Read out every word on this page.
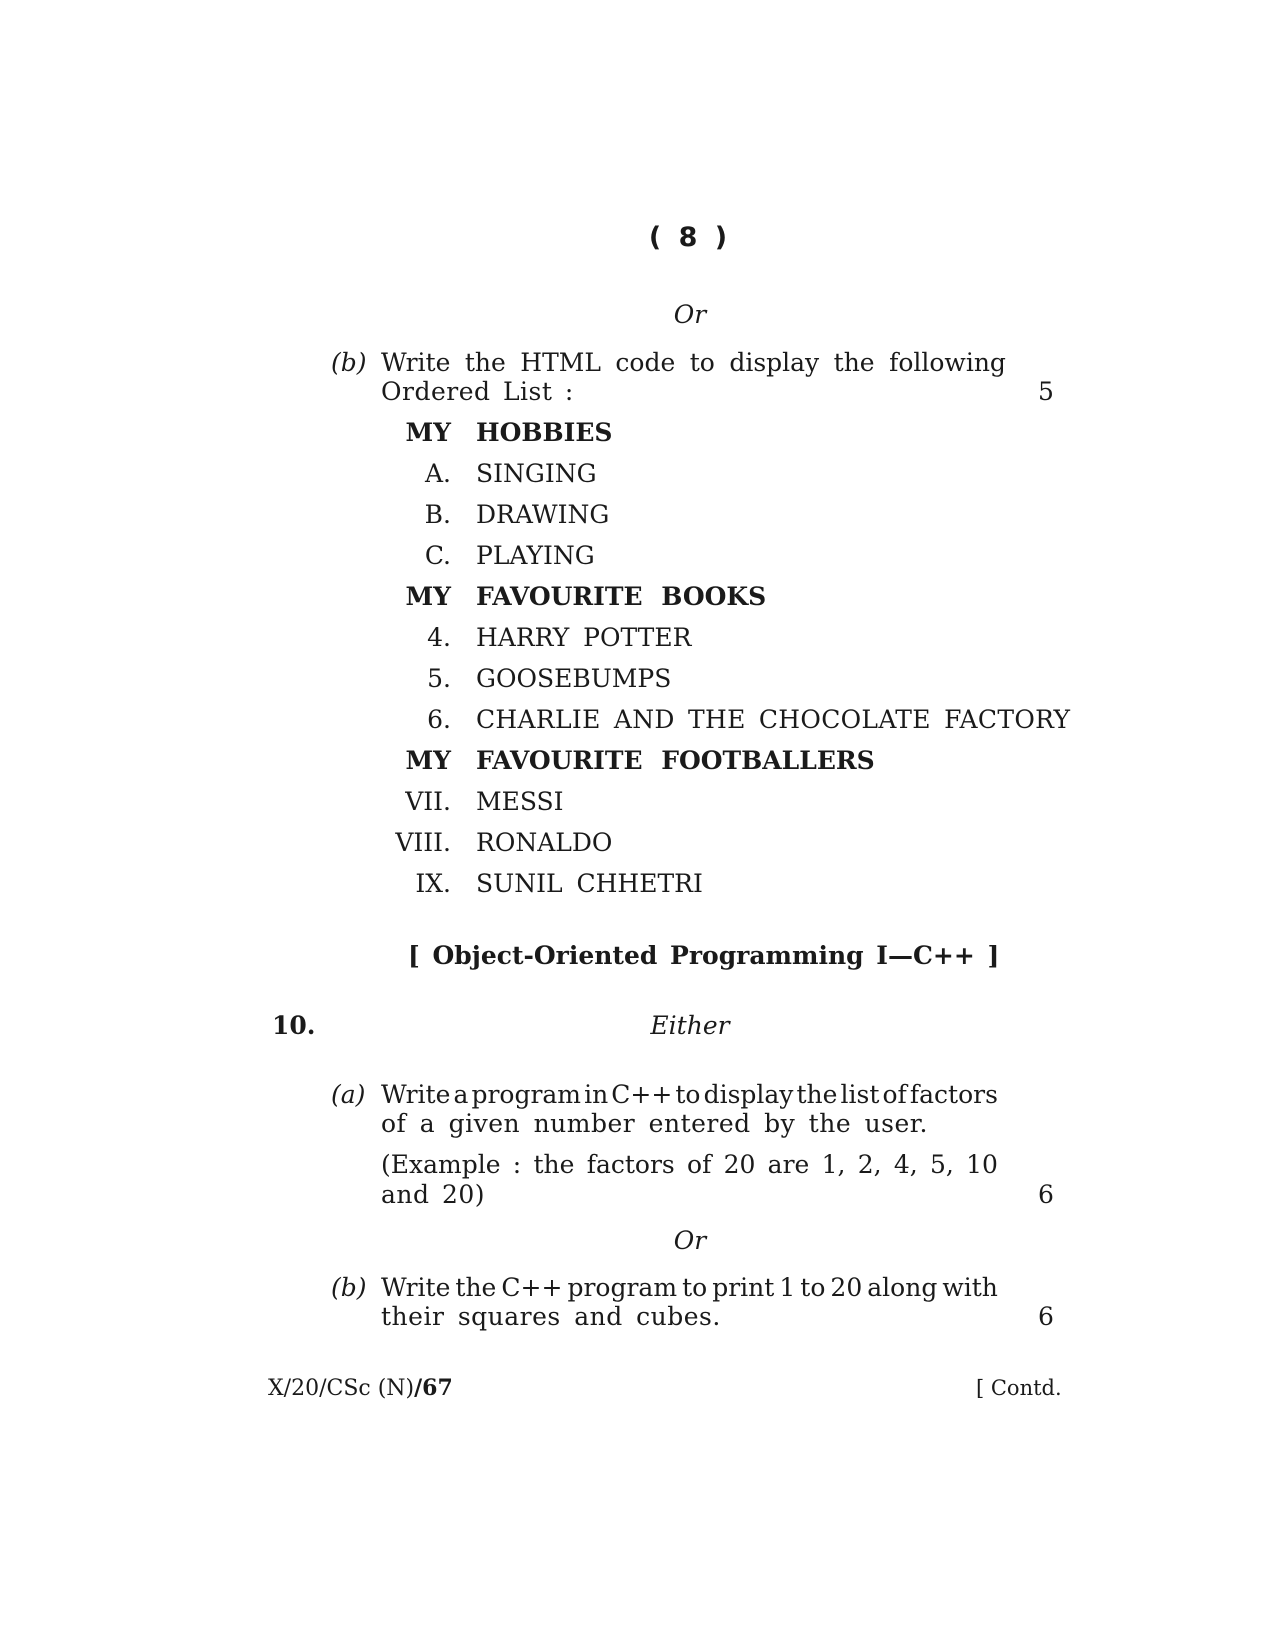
( 8 )
Or
(b) Write the HTML code to display the following
Ordered List :	5
MY HOBBIES
A. SINGING
B. DRAWING
C. PLAYING
MY FAVOURITE BOOKS
4. HARRY POTTER
5. GOOSEBUMPS
6. CHARLIE AND THE CHOCOLATE FACTORY
MY FAVOURITE FOOTBALLERS
VII. MESSI
VIII. RONALDO
IX. SUNIL CHHETRI
[ Object-Oriented Programming I—C++ ]
10.	Either
(a) Write a program in C++ to display the list of factors
of a given number entered by the user.
(Example : the factors of 20 are 1, 2, 4, 5, 10
and 20)	6
Or
(b) Write the C++ program to print 1 to 20 along with
their squares and cubes.	6
X/20/CSc (N)/67	[ Contd.
